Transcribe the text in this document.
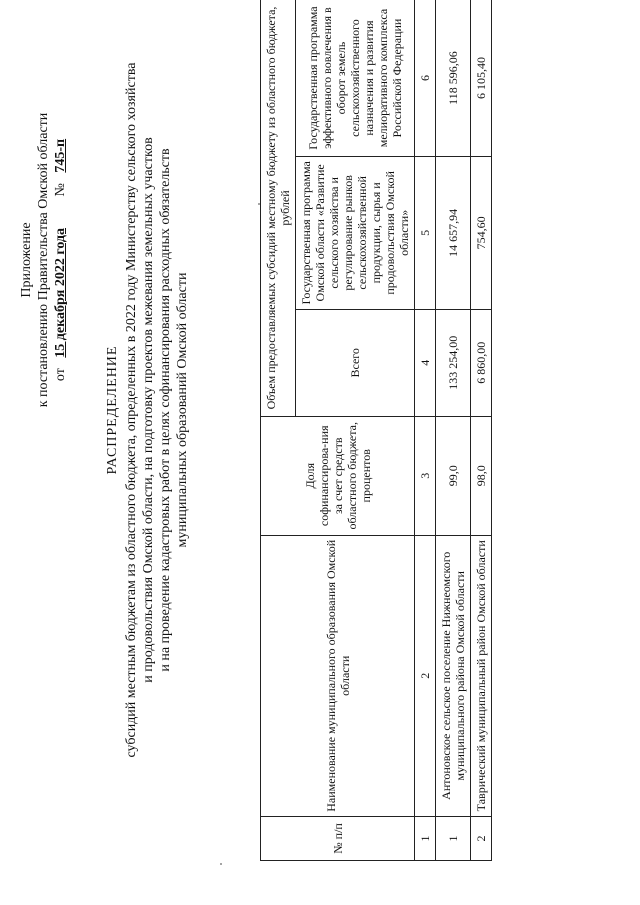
Приложение к постановлению Правительства Омской области от   15 декабря 2022 года         №   745-п
РАСПРЕДЕЛЕНИЕ субсидий местным бюджетам из областного бюджета, определенных в 2022 году Министерству сельского хозяйства и продовольствия Омской области, на подготовку проектов межевания земельных участков и на проведение кадастровых работ в целях софинансирования расходных обязательств муниципальных образований Омской области
№ п/п	Наименование муниципального образования Омской области	Доля софинансирова-ния за счет средств областного бюджета, процентов	Объем предоставляемых субсидий местному бюджету из областного бюджета, рублей		
			Всего	Государственная программа Омской области «Развитие сельского хозяйства и регулирование рынков сельскохозяйственной продукции, сырья и продовольствия Омской области»	Государственная программа эффективного вовлечения в оборот земель сельскохозяйственного назначения и развития мелиоративного комплекса Российской Федерации
1	2	3	4	5	6
1	Антоновское сельское поселение Нижнеомского муниципального района Омской области	99,0	133 254,00	14 657,94	118 596,06
2	Таврический муниципальный район Омской области	98,0	6 860,00	754,60	6 105,40
